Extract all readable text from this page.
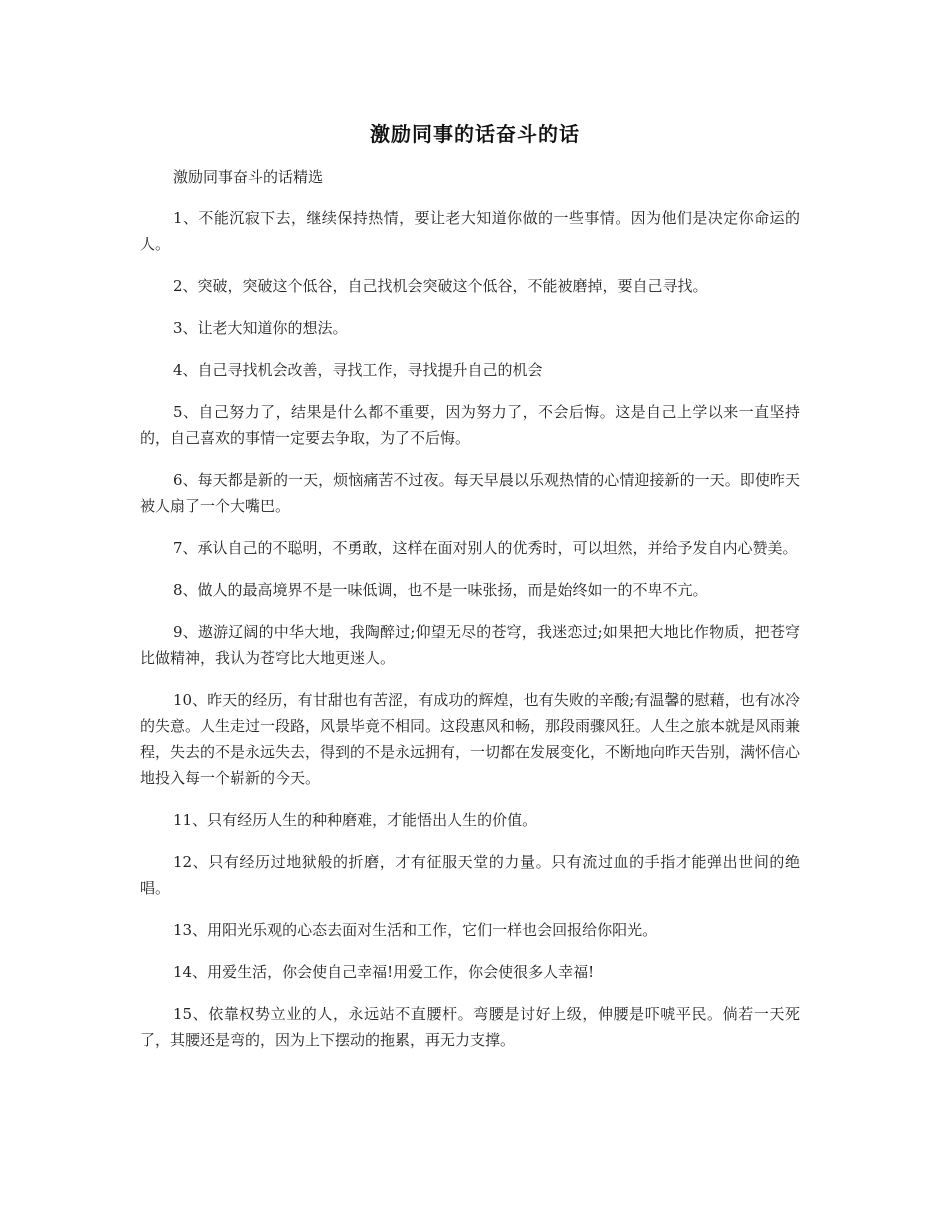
激励同事的话奋斗的话
激励同事奋斗的话精选

1、不能沉寂下去，继续保持热情，要让老大知道你做的一些事情。因为他们是决定你命运的人。

2、突破，突破这个低谷，自己找机会突破这个低谷，不能被磨掉，要自己寻找。

3、让老大知道你的想法。

4、自己寻找机会改善，寻找工作，寻找提升自己的机会

5、自己努力了，结果是什么都不重要，因为努力了，不会后悔。这是自己上学以来一直坚持的，自己喜欢的事情一定要去争取，为了不后悔。

6、每天都是新的一天，烦恼痛苦不过夜。每天早晨以乐观热情的心情迎接新的一天。即使昨天被人扇了一个大嘴巴。

7、承认自己的不聪明，不勇敢，这样在面对别人的优秀时，可以坦然，并给予发自内心赞美。

8、做人的最高境界不是一味低调，也不是一味张扬，而是始终如一的不卑不亢。

9、遨游辽阔的中华大地，我陶醉过;仰望无尽的苍穹，我迷恋过;如果把大地比作物质，把苍穹比做精神，我认为苍穹比大地更迷人。

10、昨天的经历，有甘甜也有苦涩，有成功的辉煌，也有失败的辛酸;有温馨的慰藉，也有冰冷的失意。人生走过一段路，风景毕竟不相同。这段惠风和畅，那段雨骤风狂。人生之旅本就是风雨兼程，失去的不是永远失去，得到的不是永远拥有，一切都在发展变化，不断地向昨天告别，满怀信心地投入每一个崭新的今天。

11、只有经历人生的种种磨难，才能悟出人生的价值。

12、只有经历过地狱般的折磨，才有征服天堂的力量。只有流过血的手指才能弹出世间的绝唱。

13、用阳光乐观的心态去面对生活和工作，它们一样也会回报给你阳光。

14、用爱生活，你会使自己幸福!用爱工作，你会使很多人幸福!

15、依靠权势立业的人，永远站不直腰杆。弯腰是讨好上级，伸腰是吓唬平民。倘若一天死了，其腰还是弯的，因为上下摆动的拖累，再无力支撑。
